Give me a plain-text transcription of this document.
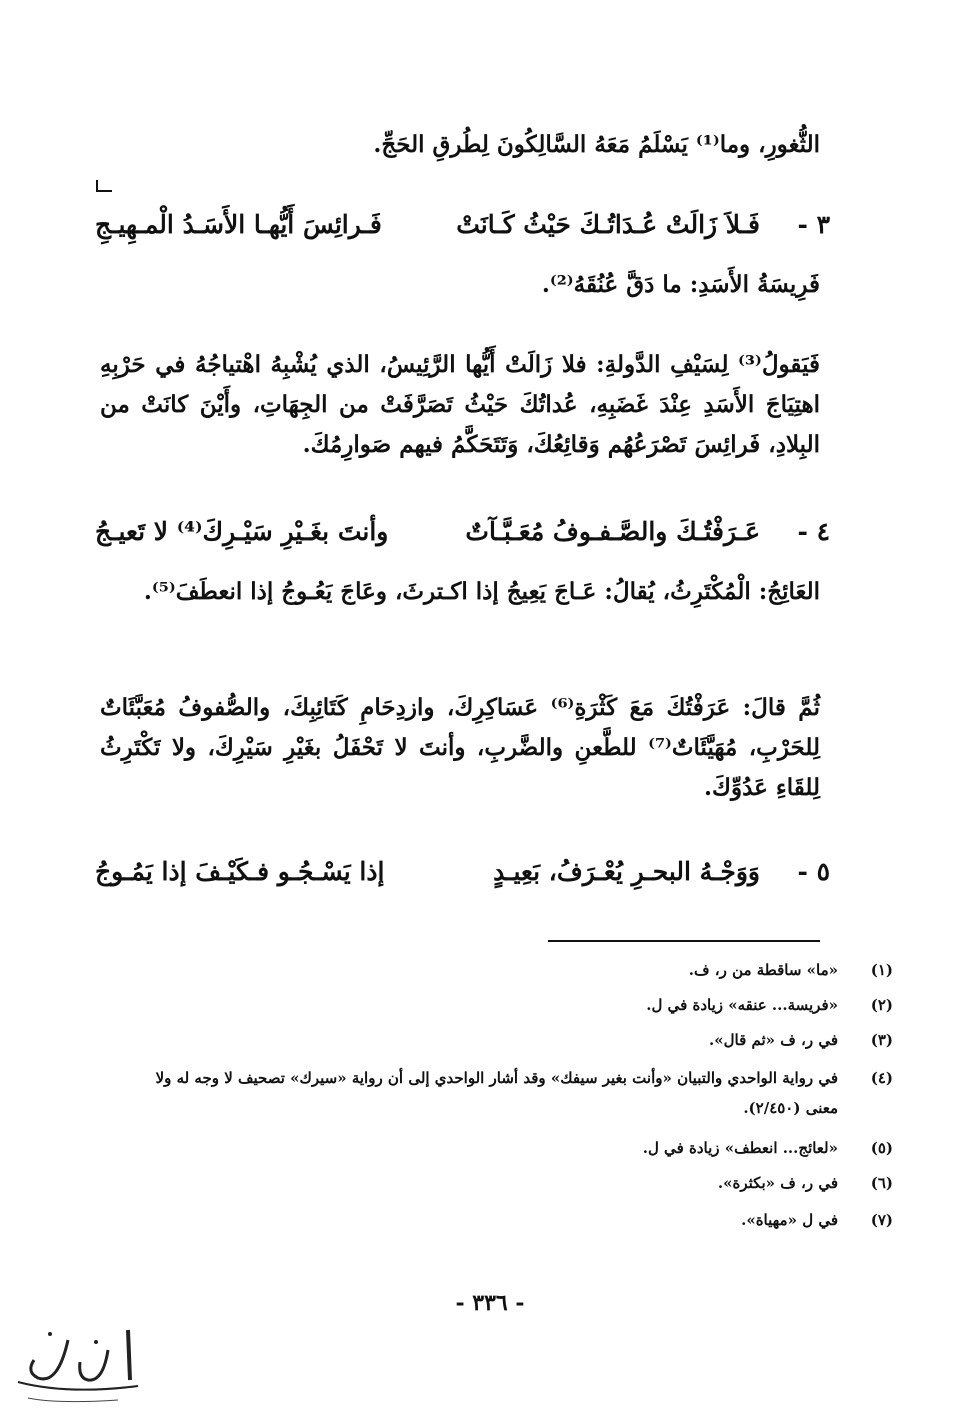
الثُّغورِ، وما⁽¹⁾ يَسْلَمُ مَعَهُ السَّالِكُونَ لِطُرقِ الحَجِّ.

٣ -
فَـلاَ زَالَتْ عُـدَاتُـكَ حَيْثُ كَـانَتْ
فَـرائِسَ أَيُّهـا الأَسَـدُ الْمـهِيـجِ

فَرِيسَةُ الأَسَدِ: ما دَقَّ عُنُقَهُ⁽²⁾.

فَيَقولُ⁽³⁾ لِسَيْفِ الدَّولةِ: فلا زَالَتْ أَيُّها الرَّئِيسُ، الذي يُشْبِهُ اهْتياجُهُ في حَرْبِهِ اهتِيَاجَ الأَسَدِ عِنْدَ غَضَبِهِ، عُداتُكَ حَيْثُ تَصَرَّفَتْ من الجِهَاتِ، وأَيْنَ كانَتْ من البِلادِ، فَرائِسَ تَصْرَعُهُم وَقائِعُكَ، وَتَتَحَكَّمُ فيهم صَوارِمُكَ.

٤ -
عَـرَفْتُـكَ والصَّـفـوفُ مُعَـبَّـآتٌ
وأنتَ بغَـيْرِ سَيْـرِكَ⁽⁴⁾ لا تَعيـجُ

العَائِجُ: الْمُكْتَرِثُ، يُقالُ: عَـاجَ يَعِيجُ إذا اكـترثَ، وعَاجَ يَعُـوجُ إذا انعطَفَ⁽⁵⁾.

ثُمَّ قالَ: عَرَفْتُكَ مَعَ كَثْرَةِ⁽⁶⁾ عَسَاكِرِكَ، وازدِحَامِ كَتَائِبِكَ، والصُّفوفُ مُعَبَّئَاتٌ لِلحَرْبِ، مُهَيَّئَاتٌ⁽⁷⁾ للطَّعنِ والضَّربِ، وأنتَ لا تَحْفَلُ بغَيْرِ سَيْرِكَ، ولا تَكْتَرِثُ لِلقَاءِ عَدُوِّكَ.

٥ -
وَوَجْـهُ البحـرِ يُعْـرَفُ، بَعِيـدٍ
إذا يَسْـجُـو فـكَيْـفَ إذا يَمُـوجُ
(١)
«ما» ساقطة من ر، ف.
(٢)
«فريسة... عنقه» زيادة في ل.
(٣)
في ر، ف «ثم قال».
(٤)
في رواية الواحدي والتبيان «وأنت بغير سيفك» وقد أشار الواحدي إلى أن رواية «سيرك» تصحيف لا وجه له ولا معنى (٢/٤٥٠).
(٥)
«لعائج... انعطف» زيادة في ل.
(٦)
في ر، ف «بكثرة».
(٧)
في ل «مهياة».
- ٣٣٦ -
